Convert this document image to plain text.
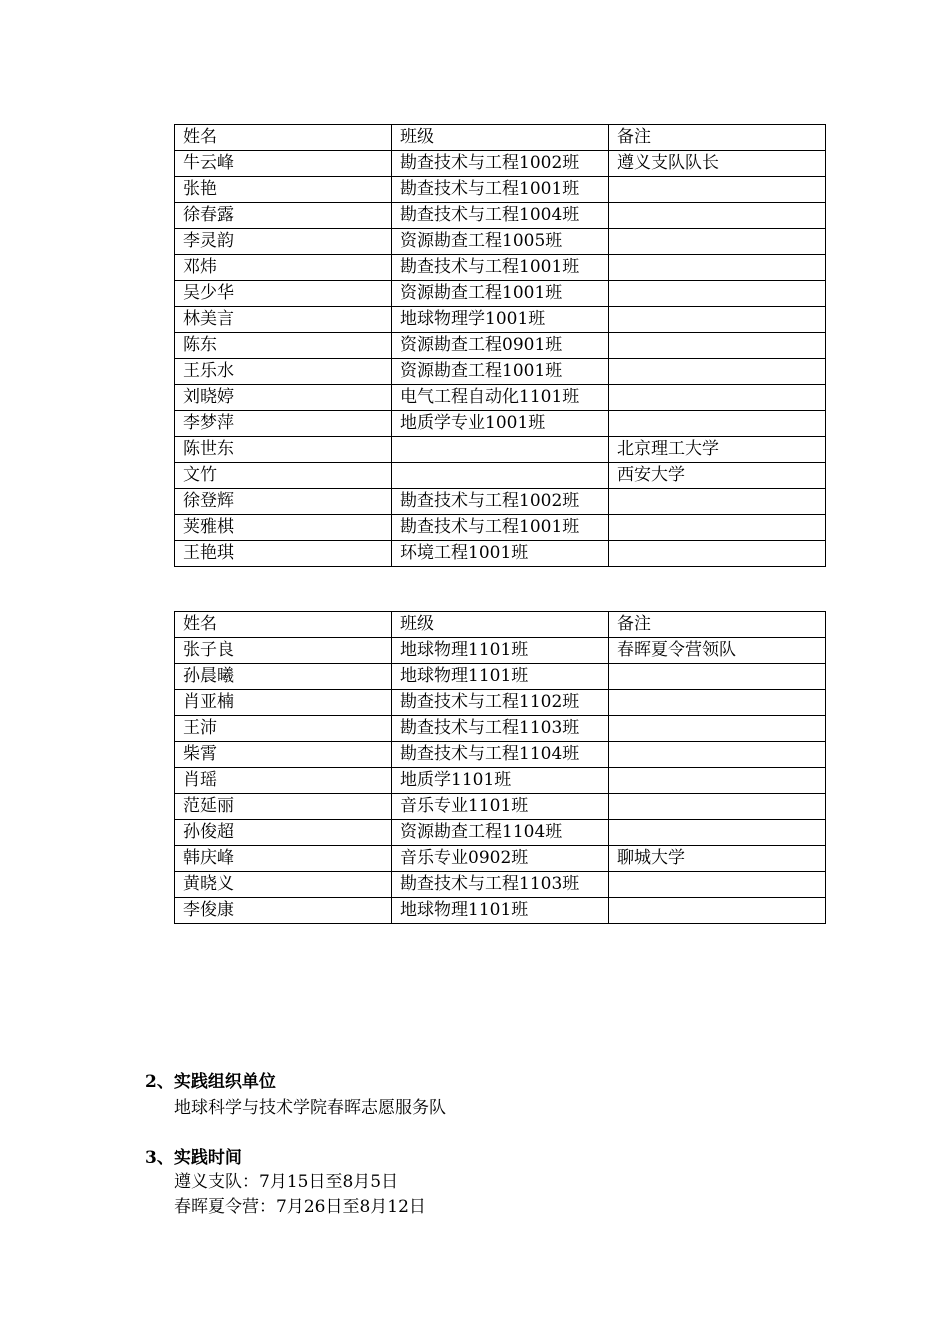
姓名	班级	备注
牛云峰	勘查技术与工程1002班	遵义支队队长
张艳	勘查技术与工程1001班	
徐春露	勘查技术与工程1004班	
李灵韵	资源勘查工程1005班	
邓炜	勘查技术与工程1001班	
吴少华	资源勘查工程1001班	
林美言	地球物理学1001班	
陈东	资源勘查工程0901班	
王乐水	资源勘查工程1001班	
刘晓婷	电气工程自动化1101班	
李梦萍	地质学专业1001班	
陈世东		北京理工大学
文竹		西安大学
徐登辉	勘查技术与工程1002班	
荚雅棋	勘查技术与工程1001班	
王艳琪	环境工程1001班	
姓名	班级	备注
张子良	地球物理1101班	春晖夏令营领队
孙晨曦	地球物理1101班	

肖亚楠	勘查技术与工程1102班	

王沛	勘查技术与工程1103班	

柴霄	勘查技术与工程1104班	

肖瑶	地质学1101班	

范延丽	音乐专业1101班	

孙俊超	资源勘查工程1104班	

韩庆峰	音乐专业0902班	聊城大学
黄晓义	勘查技术与工程1103班	

李俊康	地球物理1101班	

2、实践组织单位
地球科学与技术学院春晖志愿服务队
3、实践时间
遵义支队：7月15日至8月5日
春晖夏令营：7月26日至8月12日
